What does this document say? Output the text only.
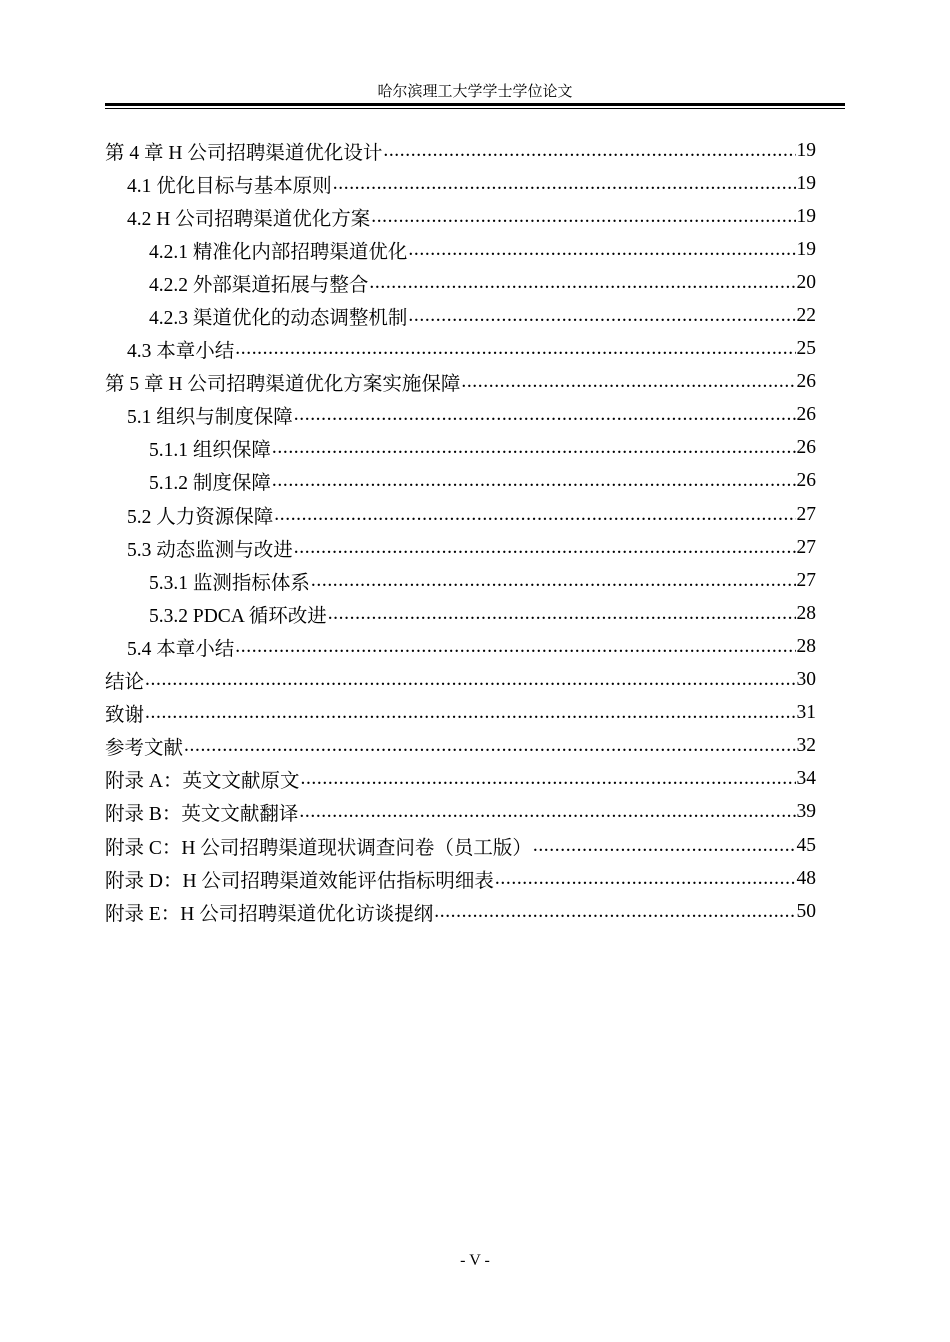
哈尔滨理工大学学士学位论文
第 4 章 H 公司招聘渠道优化设计 .....	19
4.1 优化目标与基本原则 .....	19
4.2 H 公司招聘渠道优化方案 .....	19
4.2.1 精准化内部招聘渠道优化 .....	19
4.2.2 外部渠道拓展与整合 .....	20
4.2.3 渠道优化的动态调整机制 .....	22
4.3 本章小结 .....	25
第 5 章 H 公司招聘渠道优化方案实施保障 .....	26
5.1 组织与制度保障 .....	26
5.1.1 组织保障 .....	26
5.1.2 制度保障 .....	26
5.2 人力资源保障 .....	27
5.3 动态监测与改进 .....	27
5.3.1 监测指标体系 .....	27
5.3.2 PDCA 循环改进 .....	28
5.4 本章小结 .....	28
结论 .....	30
致谢 .....	31
参考文献 .....	32
附录 A：英文文献原文 .....	34
附录 B：英文文献翻译 .....	39
附录 C：H 公司招聘渠道现状调查问卷（员工版） .....	45
附录 D：H 公司招聘渠道效能评估指标明细表 .....	48
附录 E：H 公司招聘渠道优化访谈提纲 .....	50
- V -
